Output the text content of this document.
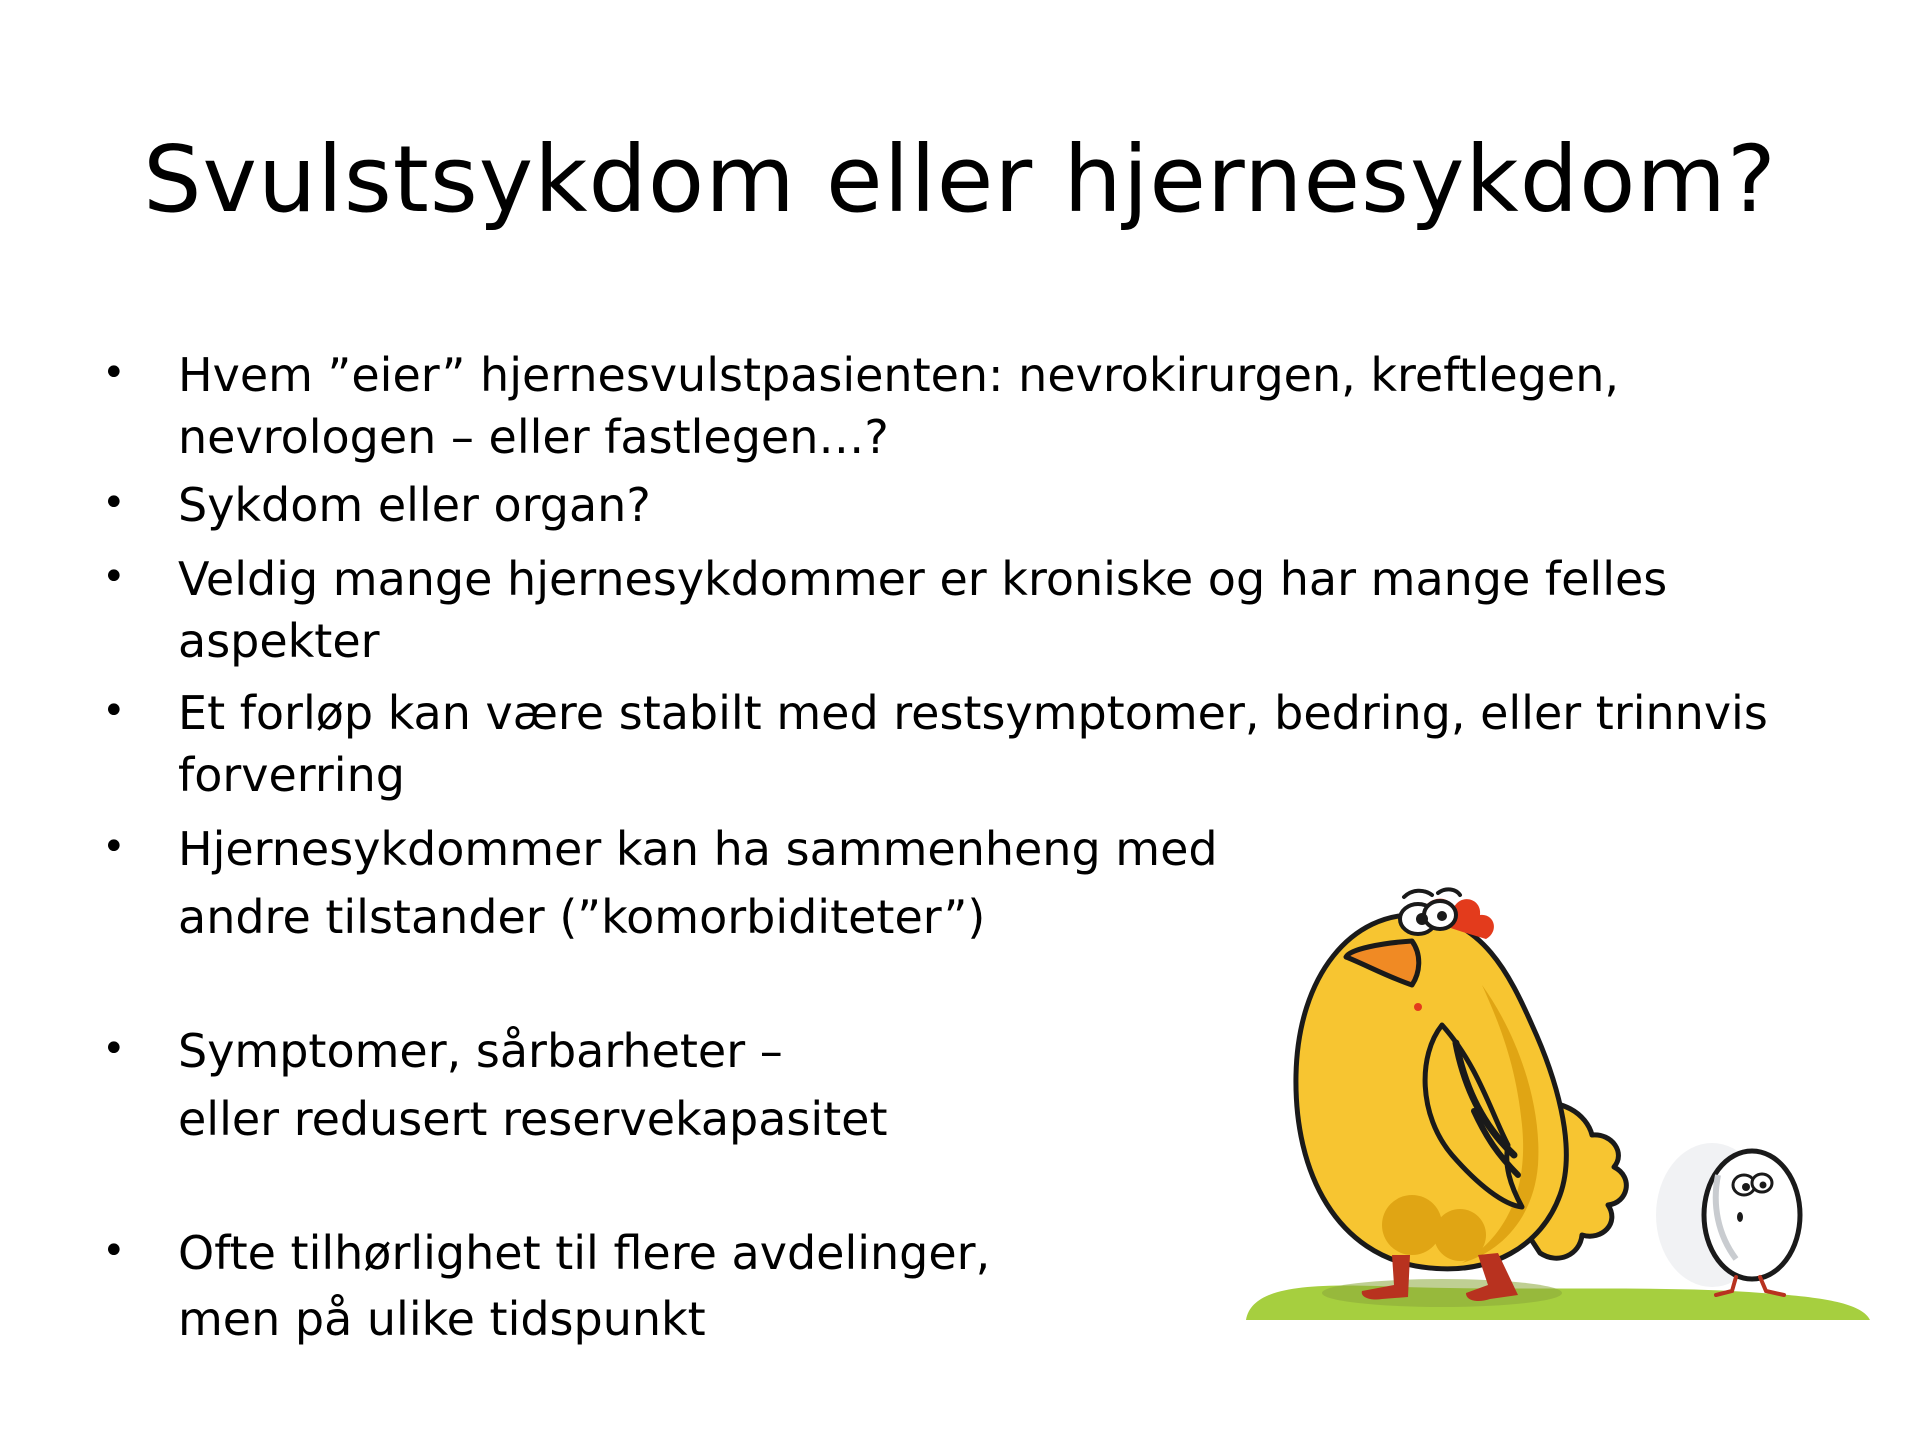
Svulstsykdom eller hjernesykdom?
• Hvem ”eier” hjernesvulstpasienten: nevrokirurgen, kreftlegen,
nevrologen – eller fastlegen…?
• Sykdom eller organ?
• Veldig mange hjernesykdommer er kroniske og har mange felles
aspekter
• Et forløp kan være stabilt med restsymptomer, bedring, eller trinnvis
forverring
• Hjernesykdommer kan ha sammenheng med
andre tilstander (”komorbiditeter”)
• Symptomer, sårbarheter –
eller redusert reservekapasitet
• Ofte tilhørlighet til flere avdelinger,
men på ulike tidspunkt
